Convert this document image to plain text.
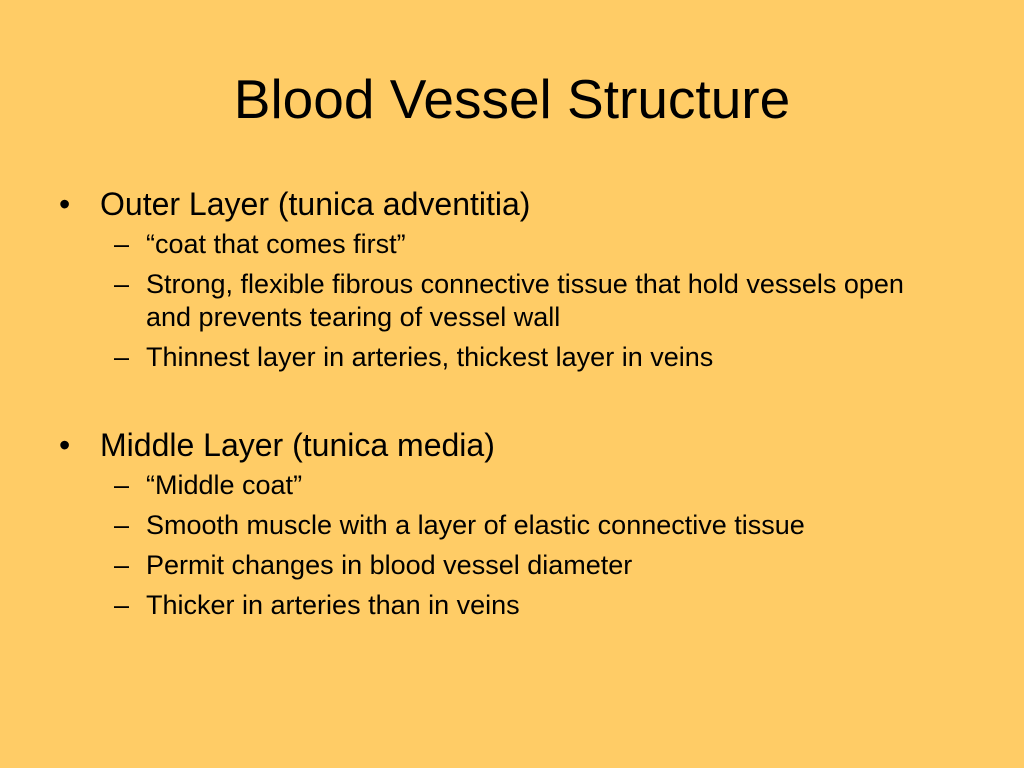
Blood Vessel Structure
• Outer Layer (tunica adventitia)
– “coat that comes first”
– Strong, flexible fibrous connective tissue that hold vessels open and prevents tearing of vessel wall
– Thinnest layer in arteries, thickest layer in veins
• Middle Layer (tunica media)
– “Middle coat”
– Smooth muscle with a layer of elastic connective tissue
– Permit changes in blood vessel diameter
– Thicker in arteries than in veins
